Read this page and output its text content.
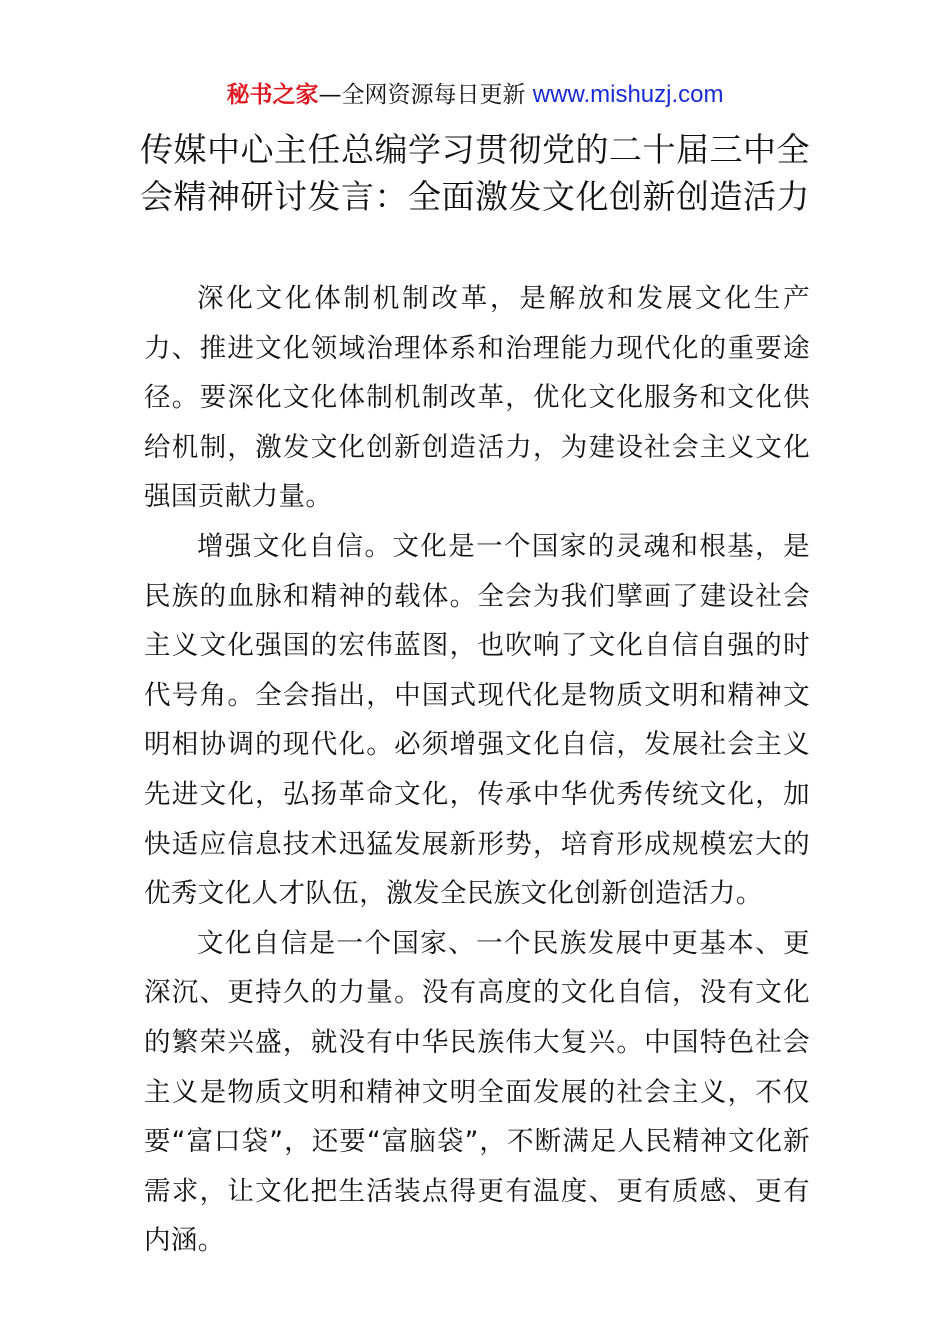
秘书之家—全网资源每日更新 www.mishuzj.com
传媒中心主任总编学习贯彻党的二十届三中全
会精神研讨发言：全面激发文化创新创造活力

深化文化体制机制改革，是解放和发展文化生产力、推进文化领域治理体系和治理能力现代化的重要途径。要深化文化体制机制改革，优化文化服务和文化供给机制，激发文化创新创造活力，为建设社会主义文化强国贡献力量。

增强文化自信。文化是一个国家的灵魂和根基，是民族的血脉和精神的载体。全会为我们擘画了建设社会主义文化强国的宏伟蓝图，也吹响了文化自信自强的时代号角。全会指出，中国式现代化是物质文明和精神文明相协调的现代化。必须增强文化自信，发展社会主义先进文化，弘扬革命文化，传承中华优秀传统文化，加快适应信息技术迅猛发展新形势，培育形成规模宏大的优秀文化人才队伍，激发全民族文化创新创造活力。

文化自信是一个国家、一个民族发展中更基本、更深沉、更持久的力量。没有高度的文化自信，没有文化的繁荣兴盛，就没有中华民族伟大复兴。中国特色社会主义是物质文明和精神文明全面发展的社会主义，不仅要“富口袋”，还要“富脑袋”，不断满足人民精神文化新需求，让文化把生活装点得更有温度、更有质感、更有内涵。
